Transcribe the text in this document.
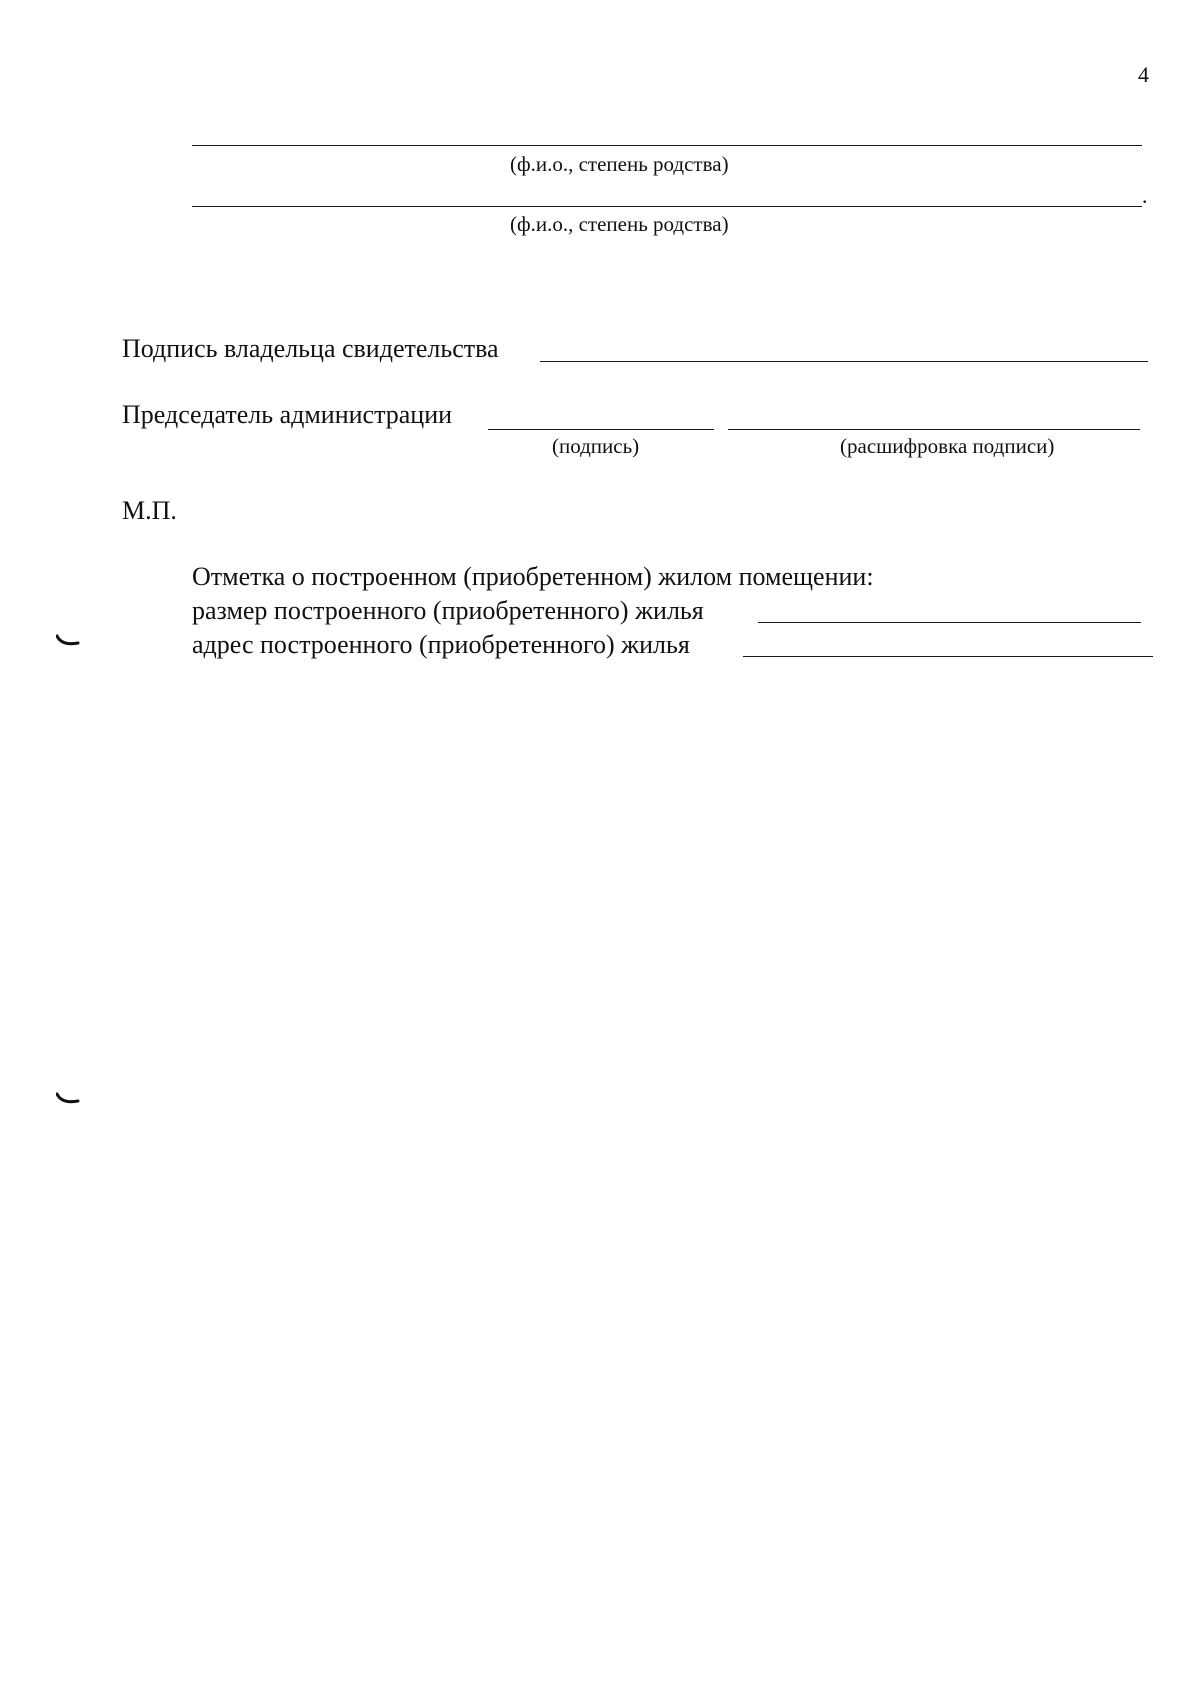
4
(ф.и.о., степень родства)
.
(ф.и.о., степень родства)
Подпись владельца свидетельства
Председатель администрации
(подпись)	(расшифровка подписи)
М.П.
Отметка о построенном (приобретенном) жилом помещении:
размер построенного (приобретенного) жилья
адрес построенного (приобретенного) жилья
